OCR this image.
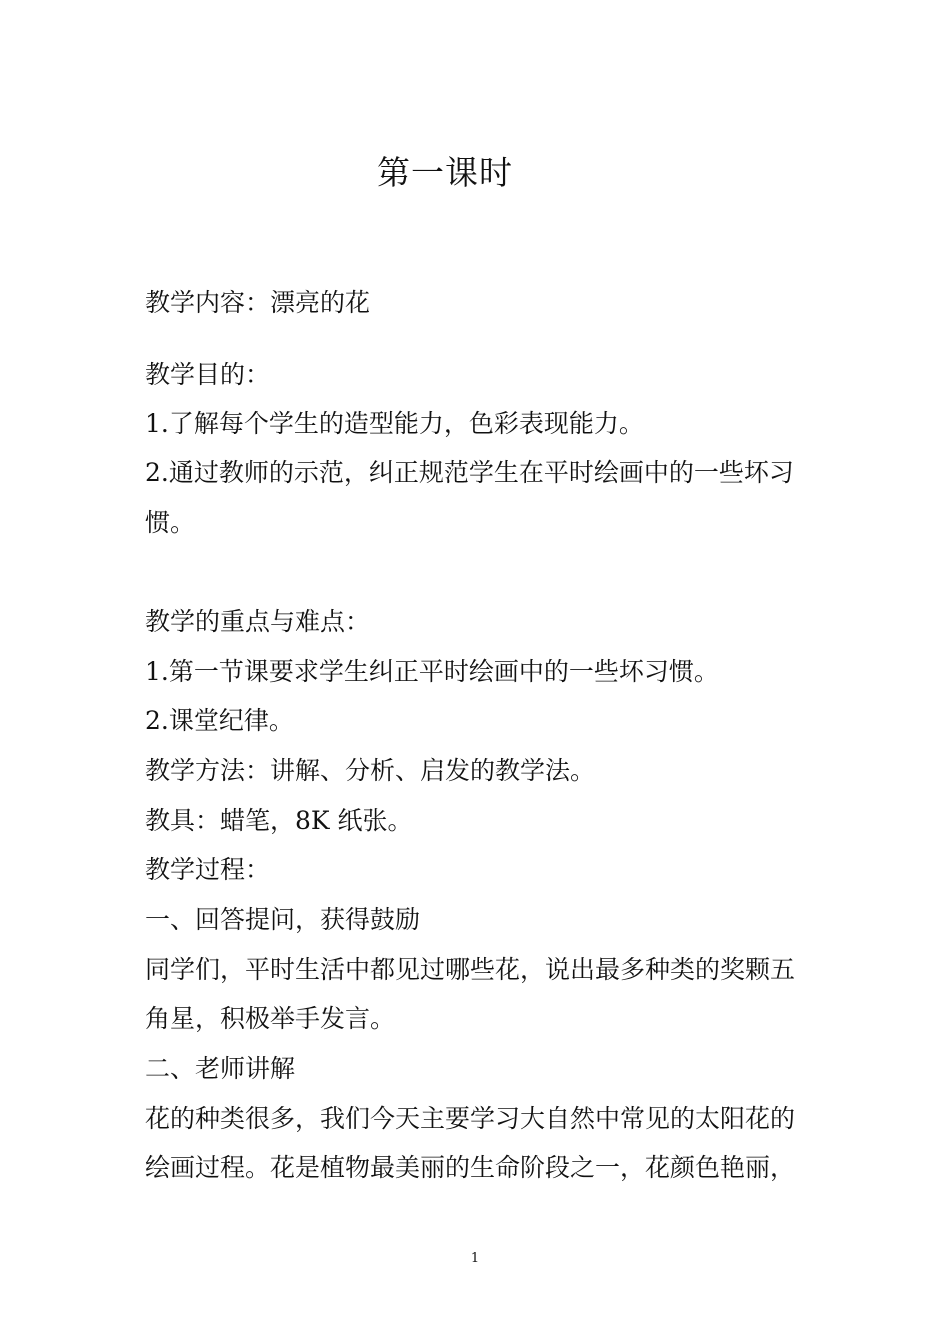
第一课时
教学内容：漂亮的花
教学目的：
1.了解每个学生的造型能力，色彩表现能力。
2.通过教师的示范，纠正规范学生在平时绘画中的一些坏习
惯。
教学的重点与难点：
1.第一节课要求学生纠正平时绘画中的一些坏习惯。
2.课堂纪律。
教学方法：讲解、分析、启发的教学法。
教具：蜡笔，8K 纸张。
教学过程：
一、回答提问，获得鼓励
同学们，平时生活中都见过哪些花，说出最多种类的奖颗五
角星，积极举手发言。
二、老师讲解
花的种类很多，我们今天主要学习大自然中常见的太阳花的
绘画过程。花是植物最美丽的生命阶段之一，花颜色艳丽，
1
